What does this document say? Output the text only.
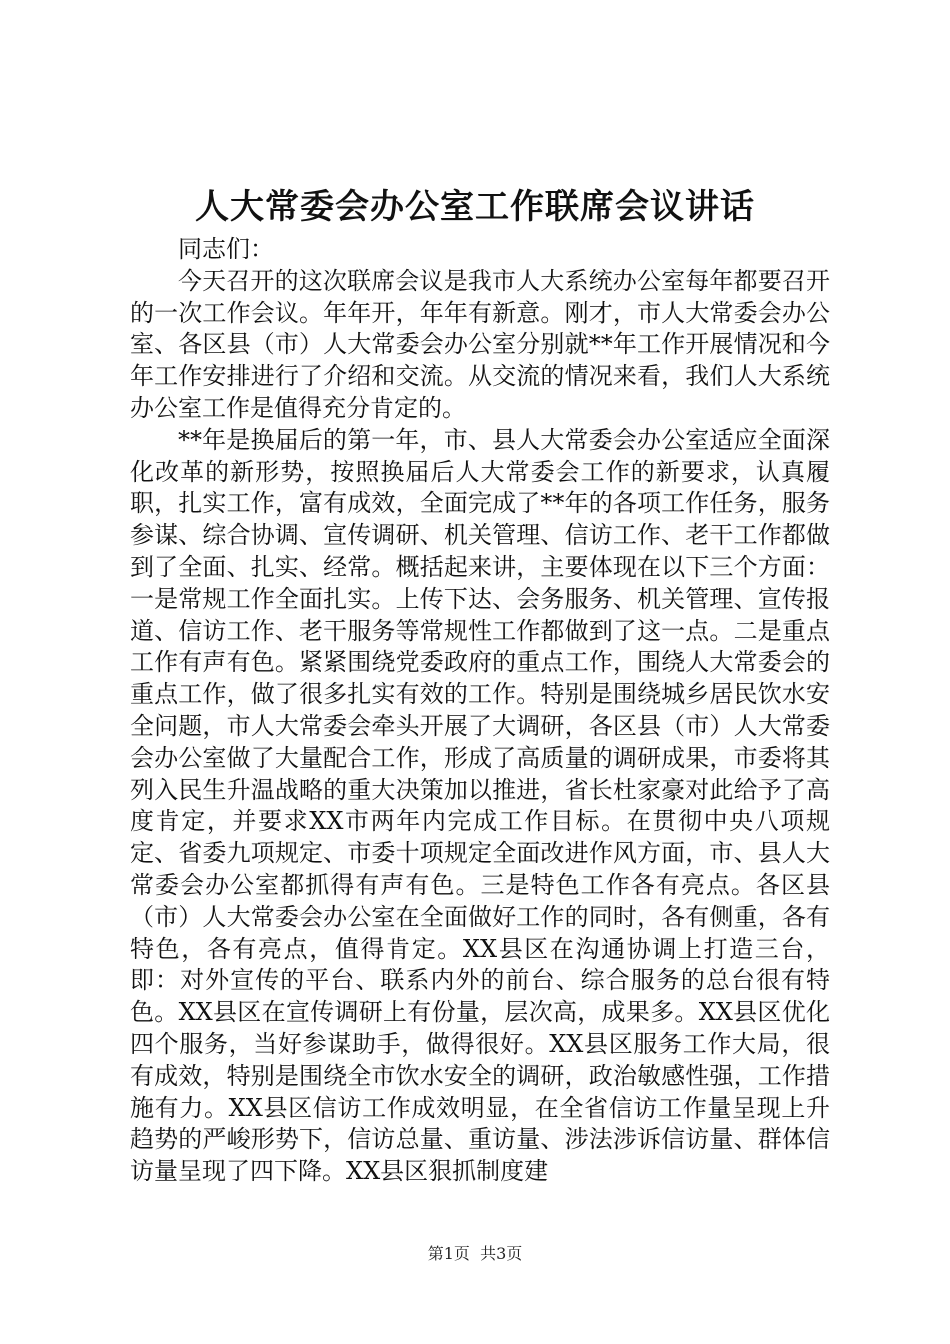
人大常委会办公室工作联席会议讲话

同志们：

今天召开的这次联席会议是我市人大系统办公室每年都要召开的一次工作会议。年年开，年年有新意。刚才，市人大常委会办公室、各区县（市）人大常委会办公室分别就**年工作开展情况和今年工作安排进行了介绍和交流。从交流的情况来看，我们人大系统办公室工作是值得充分肯定的。

**年是换届后的第一年，市、县人大常委会办公室适应全面深化改革的新形势，按照换届后人大常委会工作的新要求，认真履职，扎实工作，富有成效，全面完成了**年的各项工作任务，服务参谋、综合协调、宣传调研、机关管理、信访工作、老干工作都做到了全面、扎实、经常。概括起来讲，主要体现在以下三个方面：一是常规工作全面扎实。上传下达、会务服务、机关管理、宣传报道、信访工作、老干服务等常规性工作都做到了这一点。二是重点工作有声有色。紧紧围绕党委政府的重点工作，围绕人大常委会的重点工作，做了很多扎实有效的工作。特别是围绕城乡居民饮水安全问题，市人大常委会牵头开展了大调研，各区县（市）人大常委会办公室做了大量配合工作，形成了高质量的调研成果，市委将其列入民生升温战略的重大决策加以推进，省长杜家豪对此给予了高度肯定，并要求XX市两年内完成工作目标。在贯彻中央八项规定、省委九项规定、市委十项规定全面改进作风方面，市、县人大常委会办公室都抓得有声有色。三是特色工作各有亮点。各区县（市）人大常委会办公室在全面做好工作的同时，各有侧重，各有特色，各有亮点，值得肯定。XX县区在沟通协调上打造三台，即：对外宣传的平台、联系内外的前台、综合服务的总台很有特色。XX县区在宣传调研上有份量，层次高，成果多。XX县区优化四个服务，当好参谋助手，做得很好。XX县区服务工作大局，很有成效，特别是围绕全市饮水安全的调研，政治敏感性强，工作措施有力。XX县区信访工作成效明显，在全省信访工作量呈现上升趋势的严峻形势下，信访总量、重访量、涉法涉诉信访量、群体信访量呈现了四下降。XX县区狠抓制度建

第1页 共3页
